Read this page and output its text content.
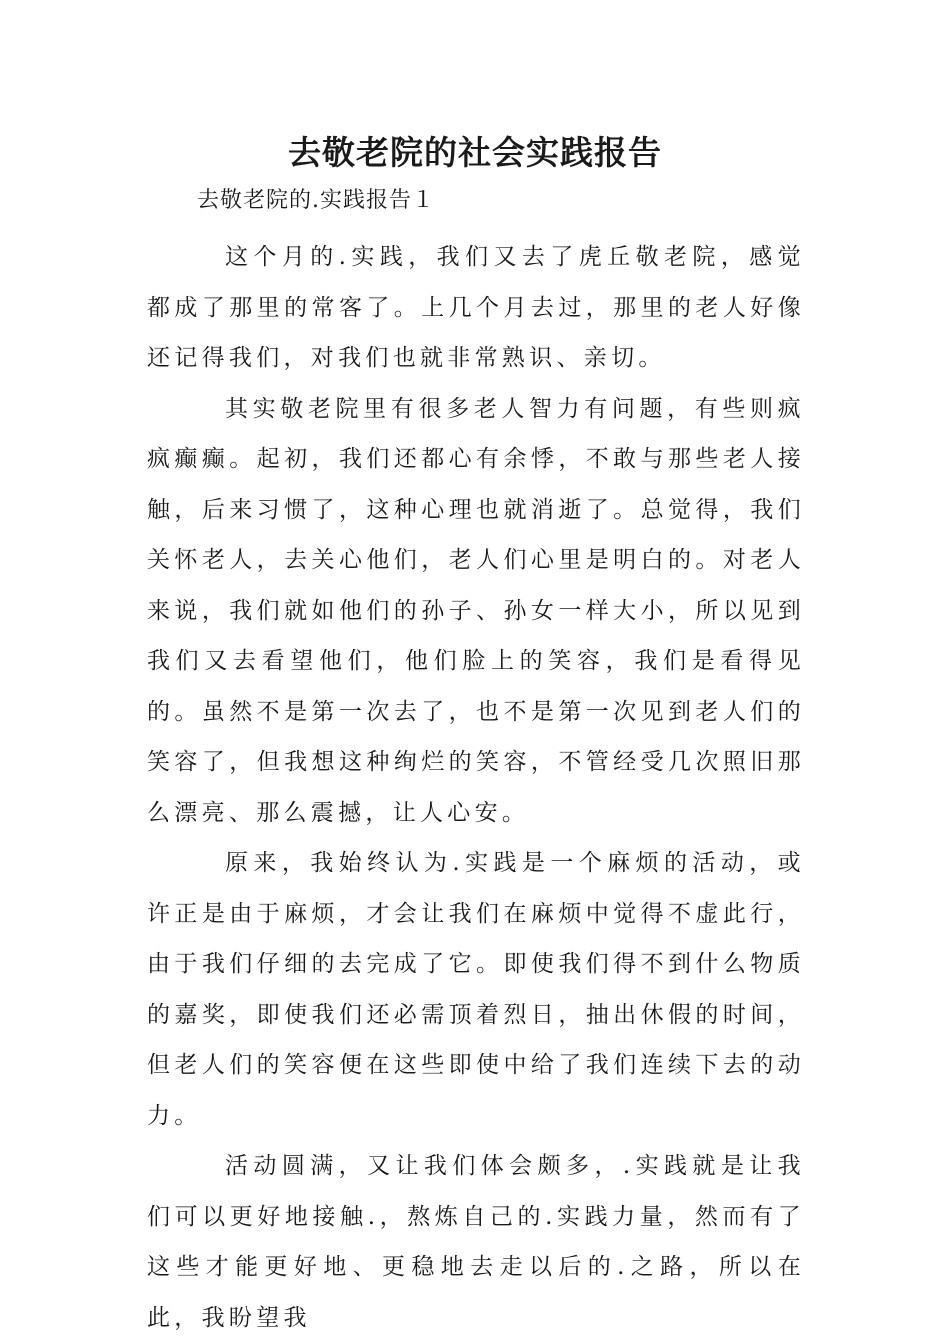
去敬老院的社会实践报告

去敬老院的.实践报告１

这个月的.实践，我们又去了虎丘敬老院，感觉都成了那里的常客了。上几个月去过，那里的老人好像还记得我们，对我们也就非常熟识、亲切。

其实敬老院里有很多老人智力有问题，有些则疯疯癫癫。起初，我们还都心有余悸，不敢与那些老人接触，后来习惯了，这种心理也就消逝了。总觉得，我们关怀老人，去关心他们，老人们心里是明白的。对老人来说，我们就如他们的孙子、孙女一样大小，所以见到我们又去看望他们，他们脸上的笑容，我们是看得见的。虽然不是第一次去了，也不是第一次见到老人们的笑容了，但我想这种绚烂的笑容，不管经受几次照旧那么漂亮、那么震撼，让人心安。

原来，我始终认为.实践是一个麻烦的活动，或许正是由于麻烦，才会让我们在麻烦中觉得不虚此行，由于我们仔细的去完成了它。即使我们得不到什么物质的嘉奖，即使我们还必需顶着烈日，抽出休假的时间，但老人们的笑容便在这些即使中给了我们连续下去的动力。

活动圆满，又让我们体会颇多，.实践就是让我们可以更好地接触.，熬炼自己的.实践力量，然而有了这些才能更好地、更稳地去走以后的.之路，所以在此，我盼望我
